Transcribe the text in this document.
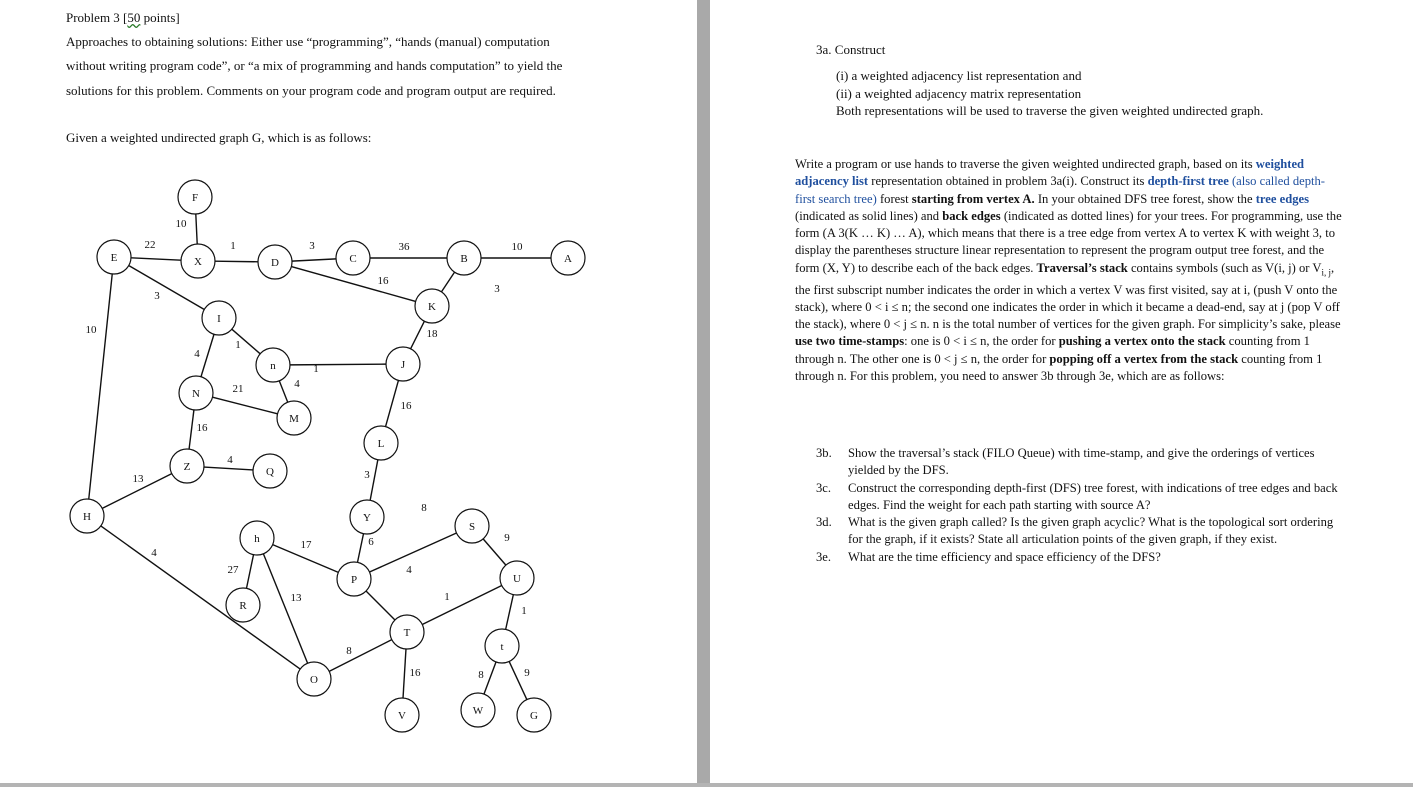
Problem 3 [50 points]
Approaches to obtaining solutions: Either use “programming”, “hands (manual) computation
without writing program code”, or “a mix of programming and hands computation” to yield the
solutions for this problem. Comments on your program code and program output are required.
Given a weighted undirected graph G, which is as follows:
22
10
1	3	36	10
16
3
3
10	18
1
4
1
4
21
16
16
4
13	3
6
8
17
9
4
27
1
13
1
4
8
16	8	9
F
E	X	D	C	B	A
K
I
n	J
N
M
L
Z	Q
H	Y
S
h
P	U
R
T
t
O
V	W	G
3a. Construct
(i) a weighted adjacency list representation and
(ii) a weighted adjacency matrix representation
Both representations will be used to traverse the given weighted undirected graph.
Write a program or use hands to traverse the given weighted undirected graph, based on its weighted adjacency list representation obtained in problem 3a(i). Construct its depth-first tree (also called depth-first search tree) forest starting from vertex A. In your obtained DFS tree forest, show the tree edges (indicated as solid lines) and back edges (indicated as dotted lines) for your trees. For programming, use the form (A 3(K … K) … A), which means that there is a tree edge from vertex A to vertex K with weight 3, to display the parentheses structure linear representation to represent the program output tree forest, and the form (X, Y) to describe each of the back edges. Traversal’s stack contains symbols (such as V(i, j) or $V_{i, j}$, the first subscript number indicates the order in which a vertex V was first visited, say at i, (push V onto the stack), where 0 < i ≤ n; the second one indicates the order in which it became a dead-end, say at j (pop V off the stack), where 0 < j ≤ n. n is the total number of vertices for the given graph. For simplicity’s sake, please use two time-stamps: one is 0 < i ≤ n, the order for pushing a vertex onto the stack counting from 1 through n. The other one is 0 < j ≤ n, the order for popping off a vertex from the stack counting from 1 through n. For this problem, you need to answer 3b through 3e, which are as follows:
3b. Show the traversal’s stack (FILO Queue) with time-stamp, and give the orderings of vertices yielded by the DFS.
3c. Construct the corresponding depth-first (DFS) tree forest, with indications of tree edges and back edges. Find the weight for each path starting with source A?
3d. What is the given graph called? Is the given graph acyclic? What is the topological sort ordering for the graph, if it exists? State all articulation points of the given graph, if they exist.
3e. What are the time efficiency and space efficiency of the DFS?
